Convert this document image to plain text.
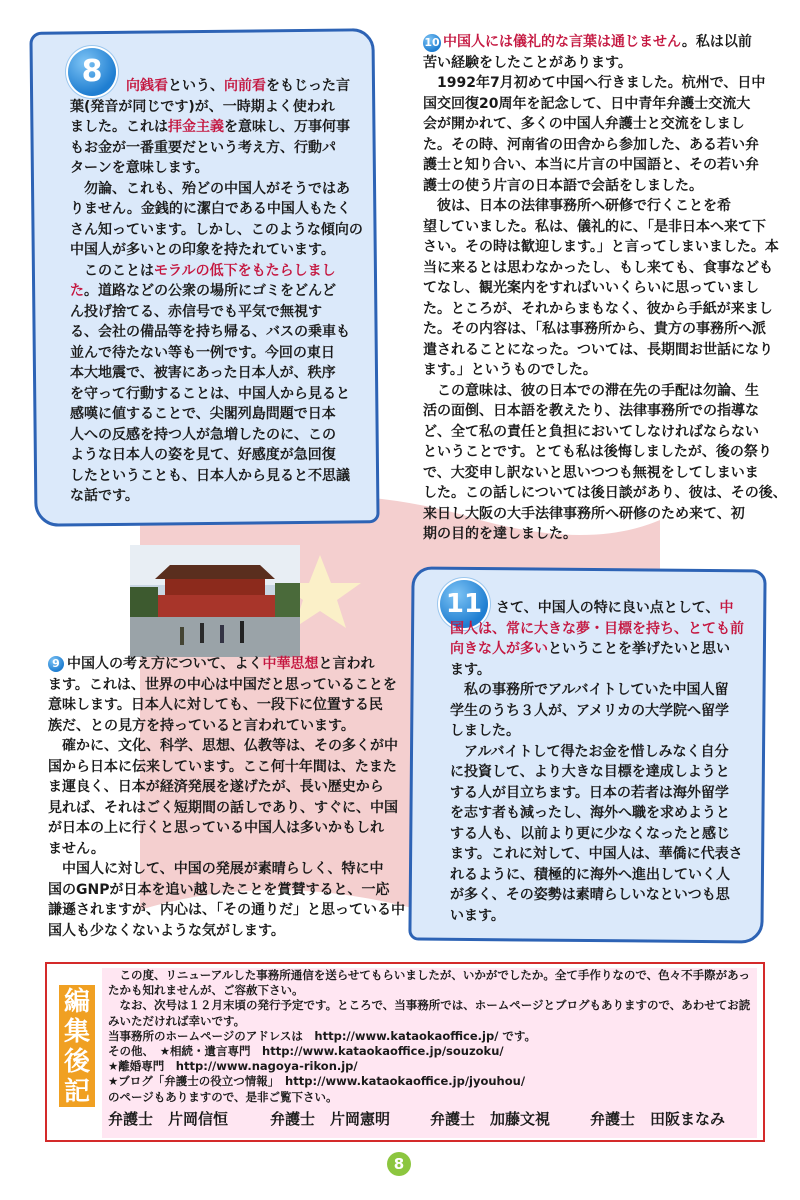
8	向銭看という、向前看をもじった言
葉(発音が同じです)が、一時期よく使われ
ました。これは拝金主義を意味し、万事何事
もお金が一番重要だという考え方、行動パ
ターンを意味します。
　勿論、これも、殆どの中国人がそうではあ
りません。金銭的に潔白である中国人もたく
さん知っています。しかし、このような傾向の
中国人が多いとの印象を持たれています。
　このことはモラルの低下をもたらしまし
た。道路などの公衆の場所にゴミをどんど
ん投げ捨てる、赤信号でも平気で無視す
る、会社の備品等を持ち帰る、バスの乗車も
並んで待たない等も一例です。今回の東日
本大地震で、被害にあった日本人が、秩序
を守って行動することは、中国人から見ると
感嘆に値することで、尖閣列島問題で日本
人への反感を持つ人が急増したのに、この
ような日本人の姿を見て、好感度が急回復
したということも、日本人から見ると不思議
な話です。
9 中国人の考え方について、よく中華思想と言われ
ます。これは、世界の中心は中国だと思っていることを
意味します。日本人に対しても、一段下に位置する民
族だ、との見方を持っていると言われています。
　確かに、文化、科学、思想、仏教等は、その多くが中
国から日本に伝来しています。ここ何十年間は、たまた
ま運良く、日本が経済発展を遂げたが、長い歴史から
見れば、それはごく短期間の話しであり、すぐに、中国
が日本の上に行くと思っている中国人は多いかもしれ
ません。
　中国人に対して、中国の発展が素晴らしく、特に中
国のGNPが日本を追い越したことを賞賛すると、一応
謙遜されますが、内心は、「その通りだ」と思っている中
国人も少なくないような気がします。
10 中国人には儀礼的な言葉は通じません。私は以前
苦い経験をしたことがあります。
　1992年7月初めて中国へ行きました。杭州で、日中
国交回復20周年を記念して、日中青年弁護士交流大
会が開かれて、多くの中国人弁護士と交流をしまし
た。その時、河南省の田舎から参加した、ある若い弁
護士と知り合い、本当に片言の中国語と、その若い弁
護士の使う片言の日本語で会話をしました。
　彼は、日本の法律事務所へ研修で行くことを希
望していました。私は、儀礼的に、「是非日本へ来て下
さい。その時は歓迎します。」と言ってしまいました。本
当に来るとは思わなかったし、もし来ても、食事なども
てなし、観光案内をすればいいくらいに思っていまし
た。ところが、それからまもなく、彼から手紙が来まし
た。その内容は、「私は事務所から、貴方の事務所へ派
遣されることになった。ついては、長期間お世話になり
ます。」というものでした。
　この意味は、彼の日本での滞在先の手配は勿論、生
活の面倒、日本語を教えたり、法律事務所での指導な
ど、全て私の責任と負担においてしなければならない
ということです。とても私は後悔しましたが、後の祭り
で、大変申し訳ないと思いつつも無視をしてしまいま
した。この話しについては後日談があり、彼は、その後、
来日し大阪の大手法律事務所へ研修のため来て、初
期の目的を達しました。
11 さて、中国人の特に良い点として、中
国人は、常に大きな夢・目標を持ち、とても前
向きな人が多いということを挙げたいと思い
ます。
　私の事務所でアルバイトしていた中国人留
学生のうち３人が、アメリカの大学院へ留学
しました。
　アルバイトして得たお金を惜しみなく自分
に投資して、より大きな目標を達成しようと
する人が目立ちます。日本の若者は海外留学
を志す者も減ったし、海外へ職を求めようと
する人も、以前より更に少なくなったと感じ
ます。これに対して、中国人は、華僑に代表さ
れるように、積極的に海外へ進出していく人
が多く、その姿勢は素晴らしいなといつも思
います。
編
集
後
記
　この度、リニューアルした事務所通信を送らせてもらいましたが、いかがでしたか。全て手作りなので、色々不手際があっ
たかも知れませんが、ご容赦下さい。
　なお、次号は１２月末頃の発行予定です。ところで、当事務所では、ホームページとブログもありますので、あわせてお読
みいただければ幸いです。
当事務所のホームページのアドレスは　http://www.kataokaoffice.jp/ です。
その他、　★相続・遺言専門　http://www.kataokaoffice.jp/souzoku/
★離婚専門　http://www.nagoya-rikon.jp/
★ブログ「弁護士の役立つ情報」　http://www.kataokaoffice.jp/jyouhou/
のページもありますので、是非ご覧下さい。
弁護士　片岡信恒	弁護士　片岡憲明	弁護士　加藤文視	弁護士　田阪まなみ
8
